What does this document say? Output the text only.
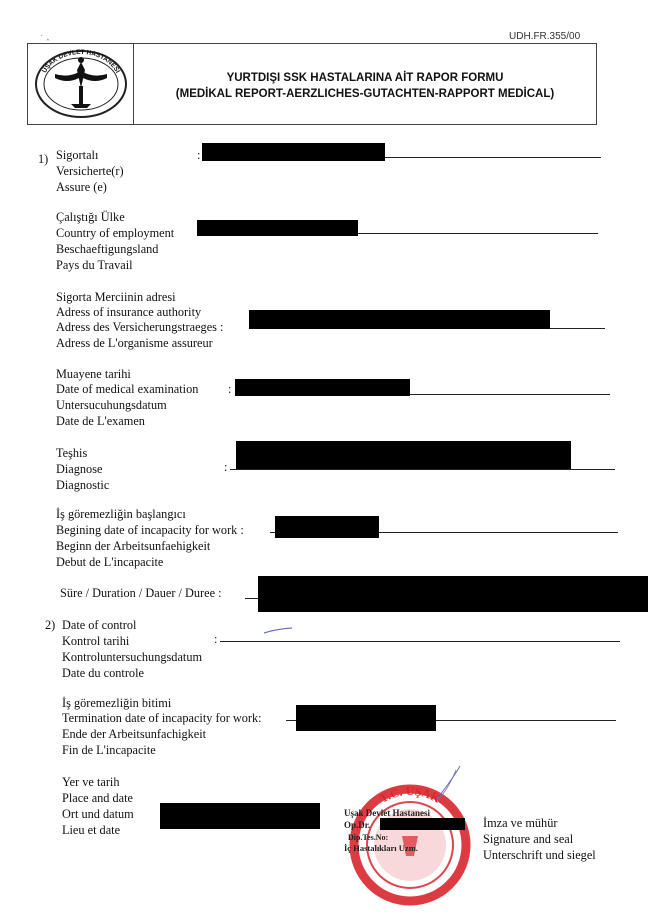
· ‸	UDH.FR.355/00
UŞAK DEVLET HASTANESİ
YURTDIŞI SSK HASTALARINA AİT RAPOR FORMU
(MEDİKAL REPORT-AERZLICHES-GUTACHTEN-RAPPORT MEDİCAL)
1) Sigortalı
Versicherte(r)
Assure (e)
:
Çalıştığı Ülke
Country of employment
Beschaeftigungsland
Pays du Travail
Sigorta Merciinin adresi
Adress of insurance authority
Adress des Versicherungstraeges :
Adress de L'organisme assureur
Muayene tarihi
Date of medical examination
Untersucuhungsdatum
Date de L'examen
:
Teşhis
Diagnose
Diagnostic
:
İş göremezliğin başlangıcı
Begining date of incapacity for work :
Beginn der Arbeitsunfaehigkeit
Debut de L'incapacite
Süre / Duration / Dauer / Duree :
2) Date of control
Kontrol tarihi
Kontroluntersuchungsdatum
Date du controle
:
İş göremezliğin bitimi
Termination date of incapacity for work:
Ende der Arbeitsunfachigkeit
Fin de L'incapacite
Yer ve tarih
Place and date
Ort und datum
Lieu et date
T.C. UŞAK
Uşak Devlet Hastanesi
Op.Dr.
Dip.Tes.No:
İç Hastalıkları Uzm.
İmza ve mühür
Signature and seal
Unterschrift und siegel
